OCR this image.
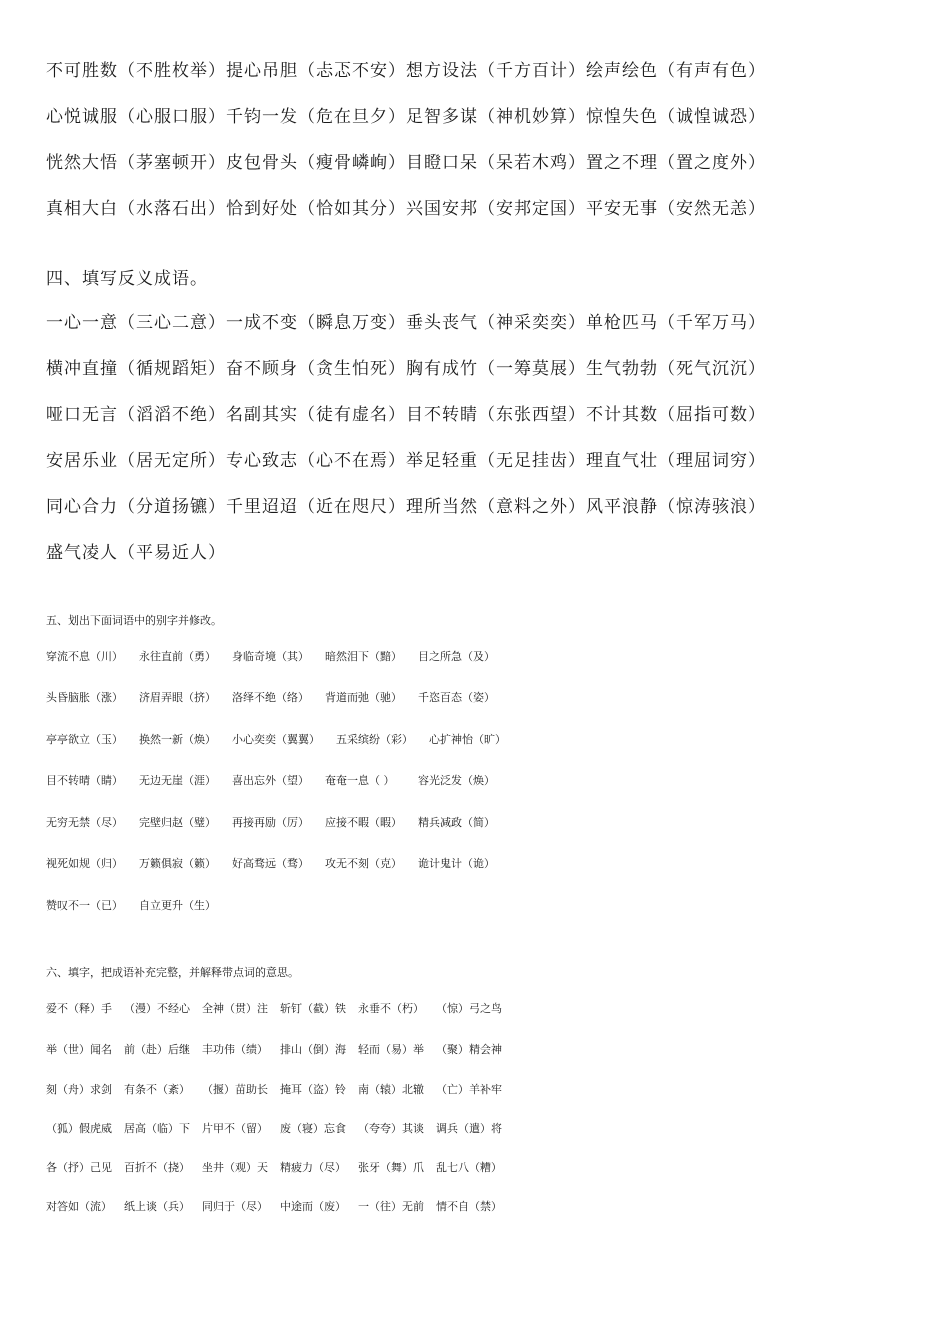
不可胜数（不胜枚举）提心吊胆（忐忑不安）想方设法（千方百计）绘声绘色（有声有色）
心悦诚服（心服口服）千钧一发（危在旦夕）足智多谋（神机妙算）惊惶失色（诚惶诚恐）
恍然大悟（茅塞顿开）皮包骨头（瘦骨嶙峋）目瞪口呆（呆若木鸡）置之不理（置之度外）
真相大白（水落石出）恰到好处（恰如其分）兴国安邦（安邦定国）平安无事（安然无恙）
四、填写反义成语。
一心一意（三心二意）一成不变（瞬息万变）垂头丧气（神采奕奕）单枪匹马（千军万马）
横冲直撞（循规蹈矩）奋不顾身（贪生怕死）胸有成竹（一筹莫展）生气勃勃（死气沉沉）
哑口无言（滔滔不绝）名副其实（徒有虚名）目不转睛（东张西望）不计其数（屈指可数）
安居乐业（居无定所）专心致志（心不在焉）举足轻重（无足挂齿）理直气壮（理屈词穷）
同心合力（分道扬镳）千里迢迢（近在咫尺）理所当然（意料之外）风平浪静（惊涛骇浪）
盛气凌人（平易近人）
五、划出下面词语中的别字并修改。
穿流不息（川） 永往直前（勇） 身临奇境（其） 暗然泪下（黯） 目之所急（及）
头昏脑胀（涨） 济眉弄眼（挤） 洛绎不绝（络） 背道而弛（驰） 千恣百态（姿）
亭亭欲立（玉） 换然一新（焕） 小心奕奕（翼翼） 五采缤纷（彩） 心扩神怡（旷）
目不转晴（睛） 无边无崖（涯） 喜出忘外（望） 奄奄一息（ ） 容光泛发（焕）
无穷无禁（尽） 完壁归赵（璧） 再接再励（厉） 应接不暇（暇） 精兵减政（简）
视死如规（归） 万籁俱寂（籁） 好高骛远（骛） 攻无不刻（克） 诡计鬼计（诡）
赞叹不一（已） 自立更升（生）
六、填字，把成语补充完整，并解释带点词的意思。
爱不（释）手 （漫）不经心 全神（贯）注 斩钉（截）铁 永垂不（朽） （惊）弓之鸟
举（世）闻名 前（赴）后继 丰功伟（绩） 排山（倒）海 轻而（易）举 （聚）精会神
刻（舟）求剑 有条不（紊） （揠）苗助长 掩耳（盗）铃 南（辕）北辙 （亡）羊补牢
（狐）假虎威 居高（临）下 片甲不（留） 废（寝）忘食 （夸夸）其谈 调兵（遣）将
各（抒）己见 百折不（挠） 坐井（观）天 精疲力（尽） 张牙（舞）爪 乱七八（糟）
对答如（流） 纸上谈（兵） 同归于（尽） 中途而（废） 一（往）无前 情不自（禁）
